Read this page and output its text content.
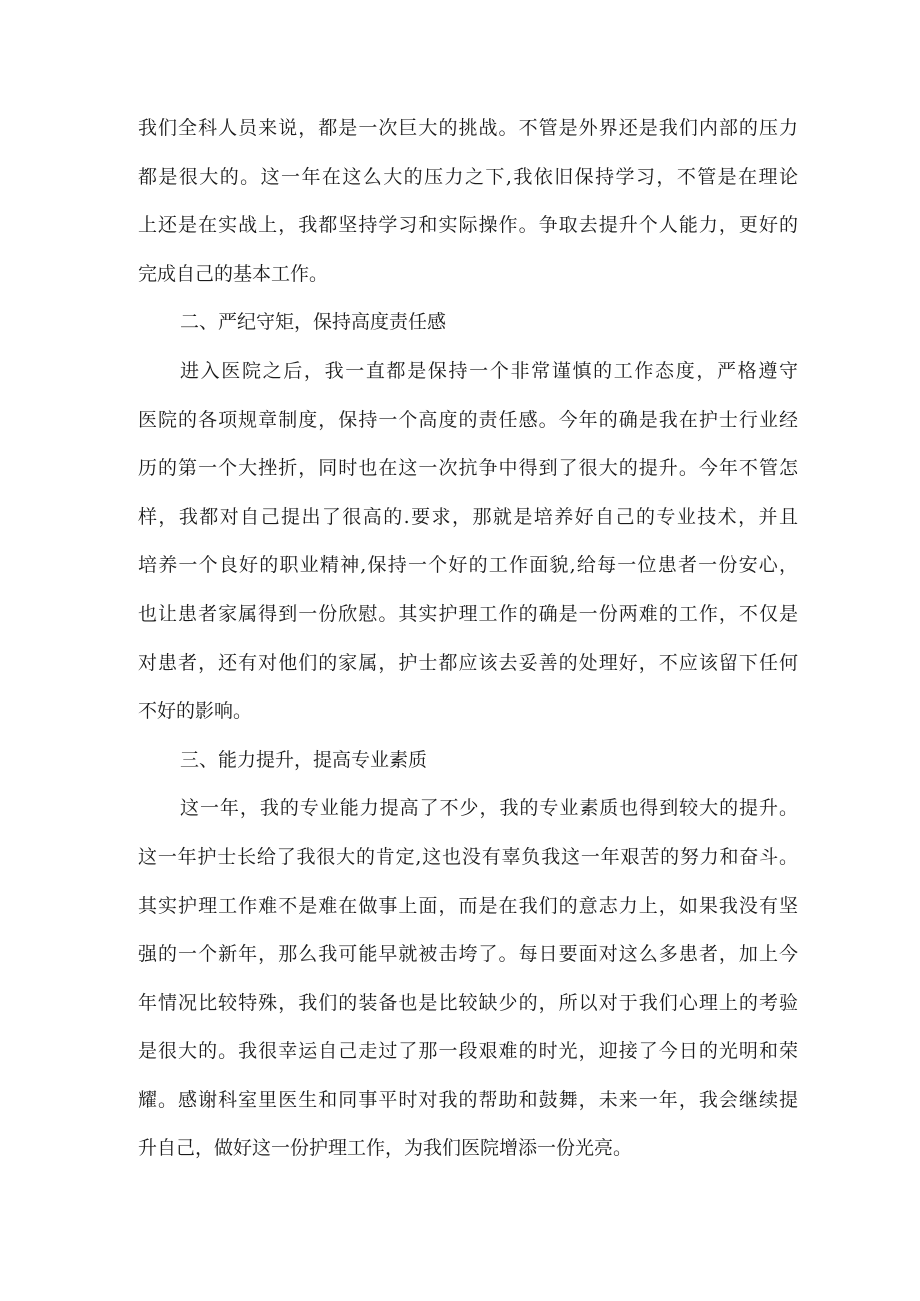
我们全科人员来说，都是一次巨大的挑战。不管是外界还是我们内部的压力
都是很大的。这一年在这么大的压力之下,我依旧保持学习，不管是在理论
上还是在实战上，我都坚持学习和实际操作。争取去提升个人能力，更好的
完成自己的基本工作。
二、严纪守矩，保持高度责任感
进入医院之后，我一直都是保持一个非常谨慎的工作态度，严格遵守
医院的各项规章制度，保持一个高度的责任感。今年的确是我在护士行业经
历的第一个大挫折，同时也在这一次抗争中得到了很大的提升。今年不管怎
样，我都对自己提出了很高的.要求，那就是培养好自己的专业技术，并且
培养一个良好的职业精神,保持一个好的工作面貌,给每一位患者一份安心，
也让患者家属得到一份欣慰。其实护理工作的确是一份两难的工作，不仅是
对患者，还有对他们的家属，护士都应该去妥善的处理好，不应该留下任何
不好的影响。
三、能力提升，提高专业素质
这一年，我的专业能力提高了不少，我的专业素质也得到较大的提升。
这一年护士长给了我很大的肯定,这也没有辜负我这一年艰苦的努力和奋斗。
其实护理工作难不是难在做事上面，而是在我们的意志力上，如果我没有坚
强的一个新年，那么我可能早就被击垮了。每日要面对这么多患者，加上今
年情况比较特殊，我们的装备也是比较缺少的，所以对于我们心理上的考验
是很大的。我很幸运自己走过了那一段艰难的时光，迎接了今日的光明和荣
耀。感谢科室里医生和同事平时对我的帮助和鼓舞，未来一年，我会继续提
升自己，做好这一份护理工作，为我们医院增添一份光亮。
